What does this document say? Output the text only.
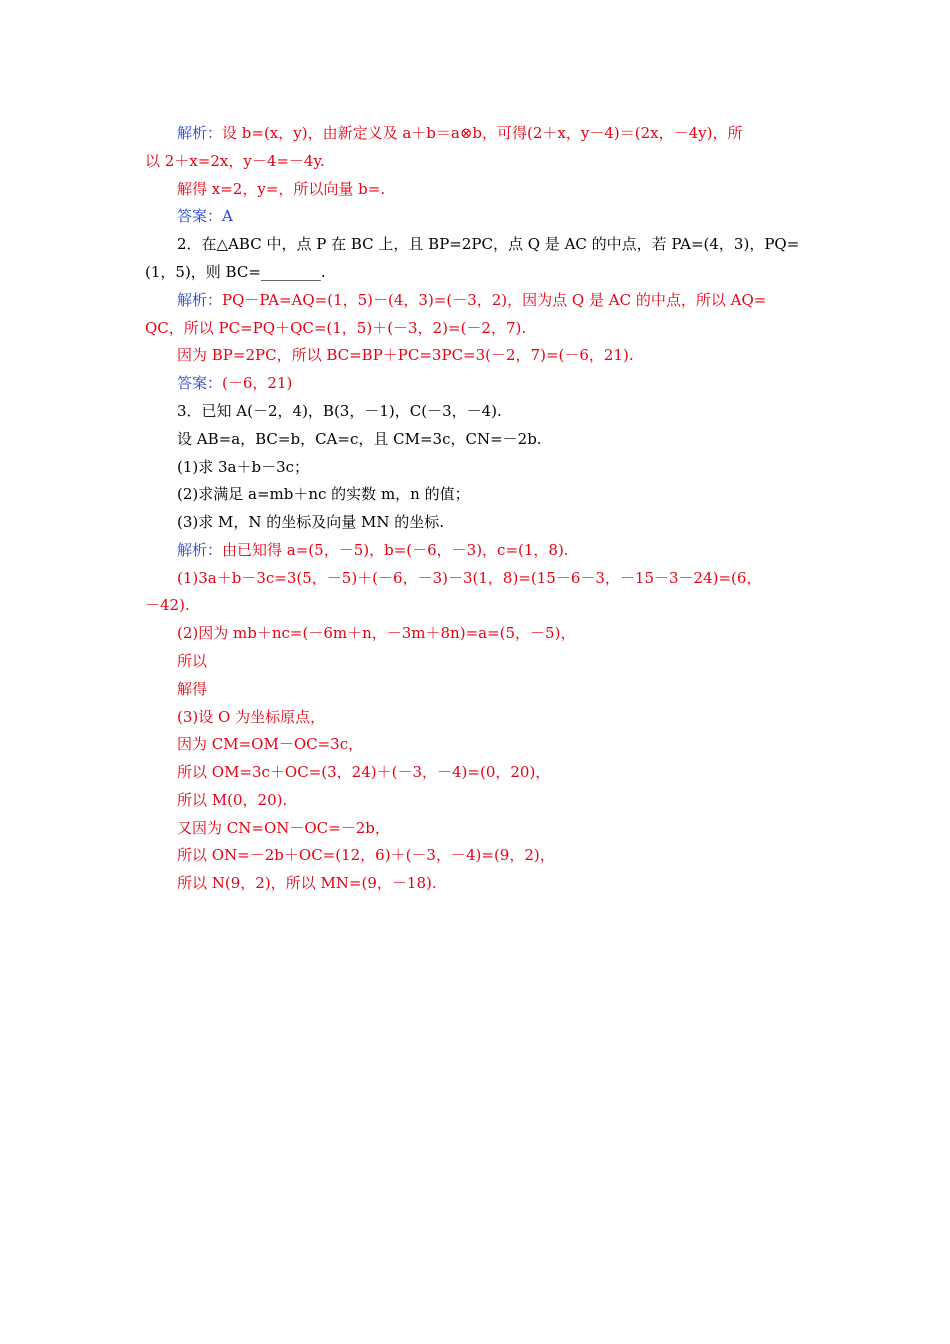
解析：设 b=(x，y)，由新定义及 a＋b＝a⊗b，可得(2＋x，y－4)＝(2x，－4y)，所
以 2＋x=2x，y－4=－4y.
解得 x=2，y=，所以向量 b=.
答案：A
2．在△ABC 中，点 P 在 BC 上，且 BP=2PC，点 Q 是 AC 的中点，若 PA=(4，3)，PQ=
(1，5)，则 BC=________.
解析：PQ－PA=AQ=(1，5)－(4，3)=(－3，2)，因为点 Q 是 AC 的中点，所以 AQ=
QC，所以 PC=PQ＋QC=(1，5)＋(－3，2)=(－2，7).
因为 BP=2PC，所以 BC=BP＋PC=3PC=3(－2，7)=(－6，21).
答案：(－6，21)
3．已知 A(－2，4)，B(3，－1)，C(－3，－4).
设 AB=a，BC=b，CA=c，且 CM=3c，CN=－2b.
(1)求 3a＋b－3c；
(2)求满足 a=mb＋nc 的实数 m，n 的值；
(3)求 M，N 的坐标及向量 MN 的坐标.
解析：由已知得 a=(5，－5)，b=(－6，－3)，c=(1，8).
(1)3a＋b－3c=3(5，－5)＋(－6，－3)－3(1，8)=(15－6－3，－15－3－24)=(6，
－42).
(2)因为 mb＋nc=(－6m＋n，－3m＋8n)=a=(5，－5)，
所以
解得
(3)设 O 为坐标原点，
因为 CM=OM－OC=3c，
所以 OM=3c＋OC=(3，24)＋(－3，－4)=(0，20)，
所以 M(0，20).
又因为 CN=ON－OC=－2b，
所以 ON=－2b＋OC=(12，6)＋(－3，－4)=(9，2)，
所以 N(9，2)，所以 MN=(9，－18).
